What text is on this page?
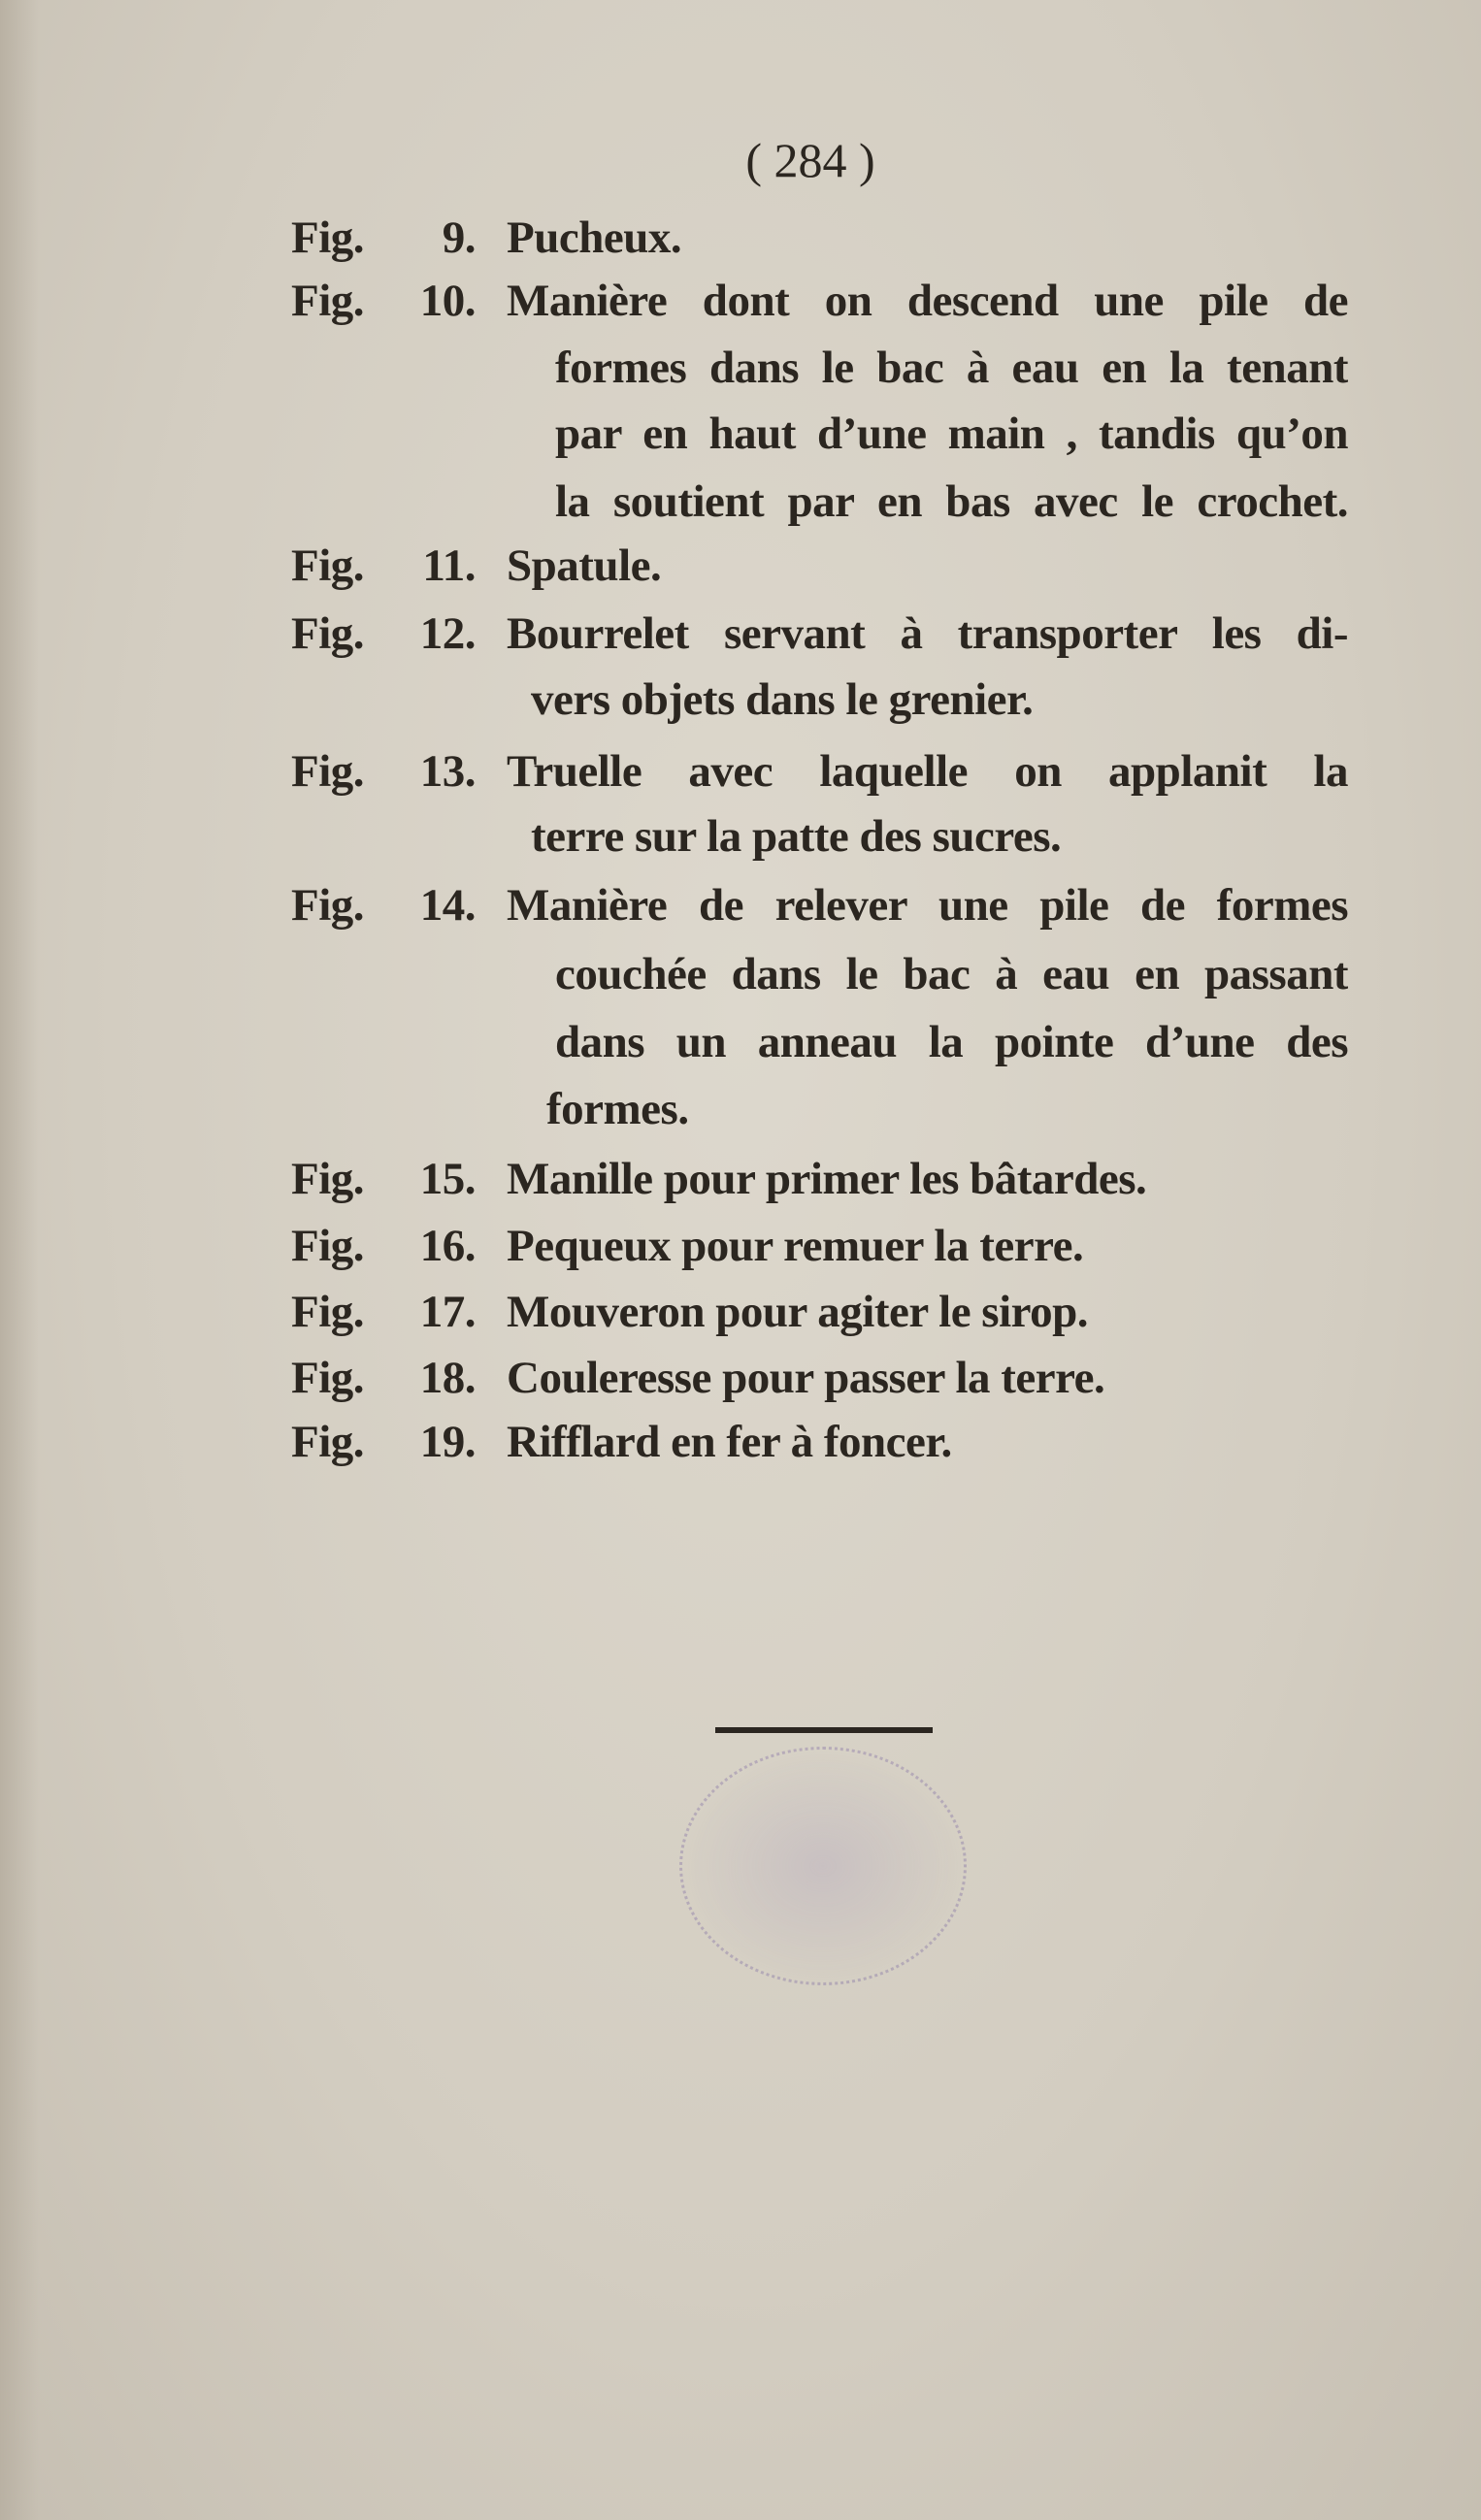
( 284 )
Fig.	9. Pucheux.
Fig.	10. Manière dont on descend une pile de
formes dans le bac à eau en la tenant
par en haut d’une main , tandis qu’on
la soutient par en bas avec le crochet.
Fig.	11. Spatule.
Fig.	12. Bourrelet servant à transporter les di-
vers objets dans le grenier.
Fig.	13. Truelle avec laquelle on applanit la
terre sur la patte des sucres.
Fig.	14. Manière de relever une pile de formes
couchée dans le bac à eau en passant
dans un anneau la pointe d’une des
formes.
Fig.	15. Manille pour primer les bâtardes.
Fig.	16. Pequeux pour remuer la terre.
Fig.	17. Mouveron pour agiter le sirop.
Fig.	18. Couleresse pour passer la terre.
Fig.	19. Rifflard en fer à foncer.
